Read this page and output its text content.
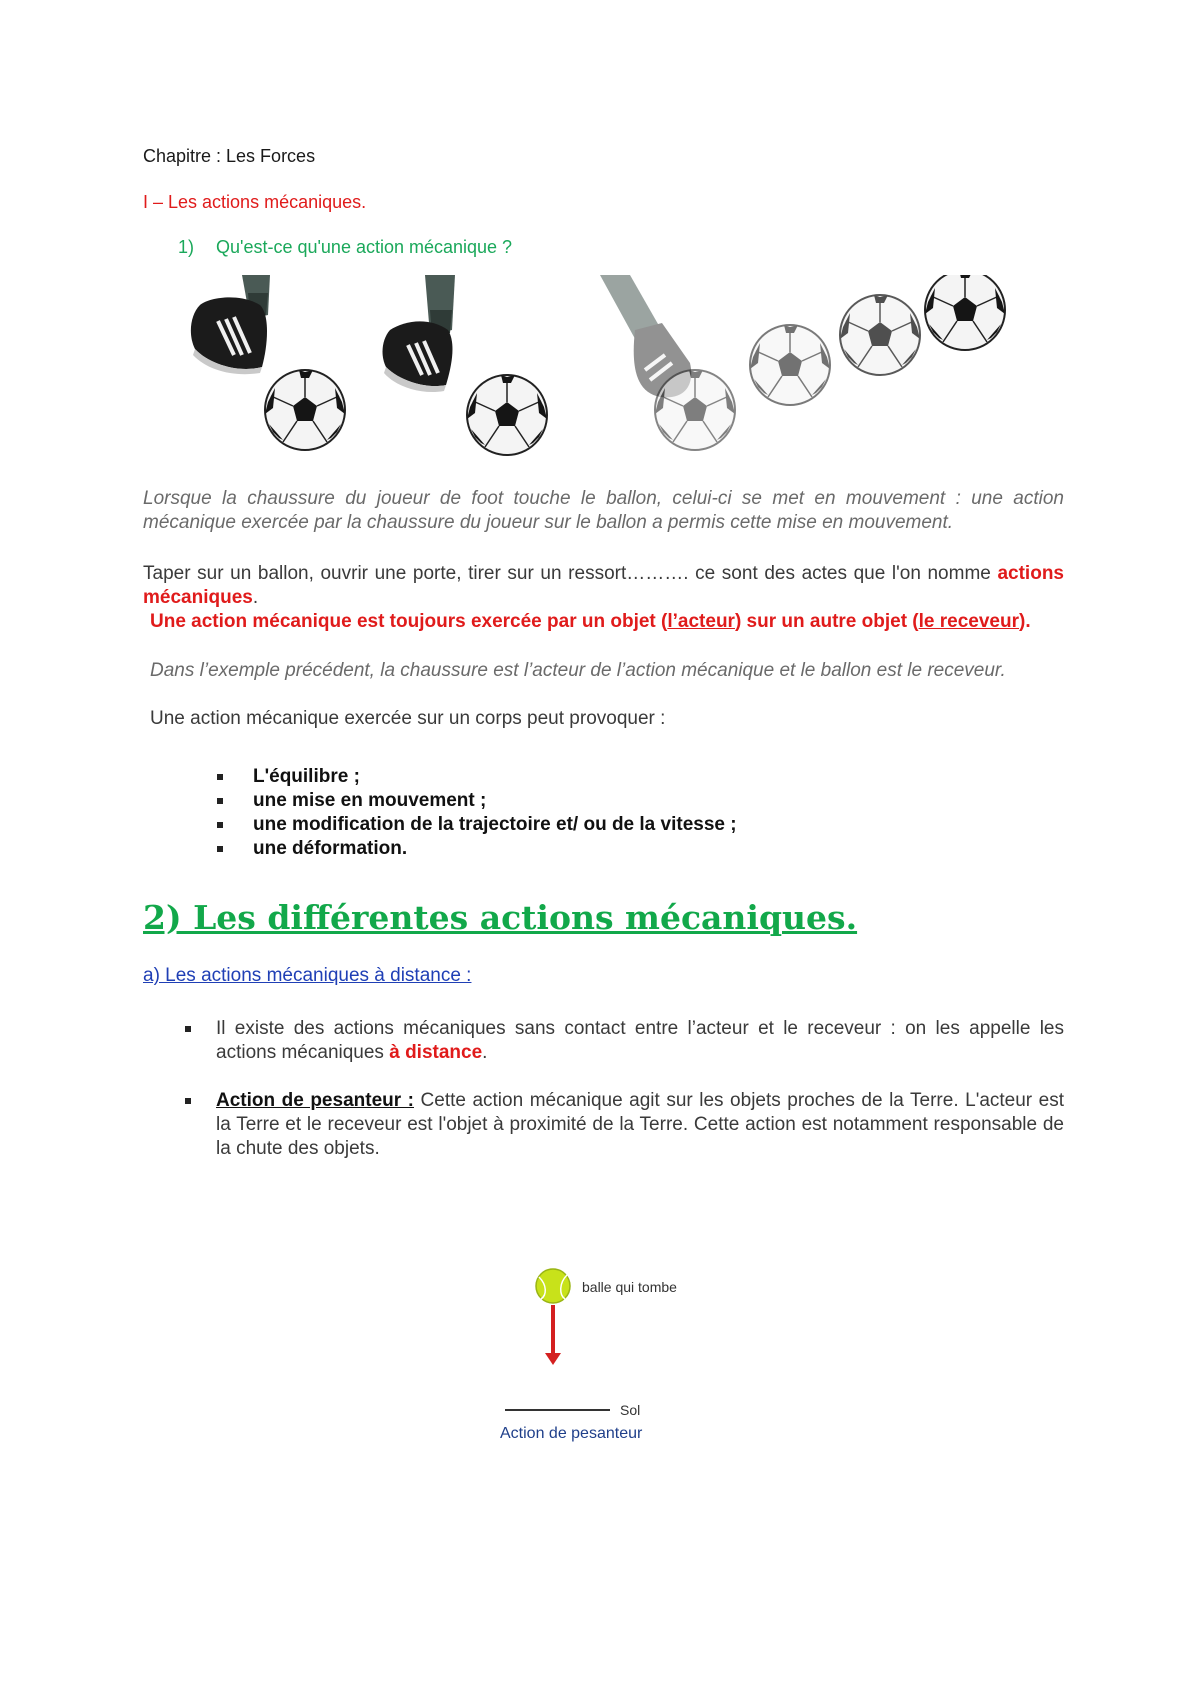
Chapitre : Les Forces
I – Les actions mécaniques.
1) Qu'est-ce qu'une action mécanique ?
Lorsque la chaussure du joueur de foot touche le ballon, celui-ci se met en mouvement : une action mécanique exercée par la chaussure du joueur sur le ballon a permis cette mise en mouvement.
Taper sur un ballon, ouvrir une porte, tirer sur un ressort………. ce sont des actes que l'on nomme actions mécaniques.
Une action mécanique est toujours exercée par un objet (l’acteur) sur un autre objet (le receveur).
Dans l’exemple précédent, la chaussure est l’acteur de l’action mécanique et le ballon est le receveur.
Une action mécanique exercée sur un corps peut provoquer :
L'équilibre ;
une mise en mouvement ;
une modification de la trajectoire et/ ou de la vitesse ;
une déformation.
2) Les différentes actions mécaniques.
a) Les actions mécaniques à distance :
Il existe des actions mécaniques sans contact entre l’acteur et le receveur : on les appelle les actions mécaniques à distance.
Action de pesanteur : Cette action mécanique agit sur les objets proches de la Terre. L'acteur est la Terre et le receveur est l'objet à proximité de la Terre. Cette action est notamment responsable de la chute des objets.
balle qui tombe
Sol
Action de pesanteur
